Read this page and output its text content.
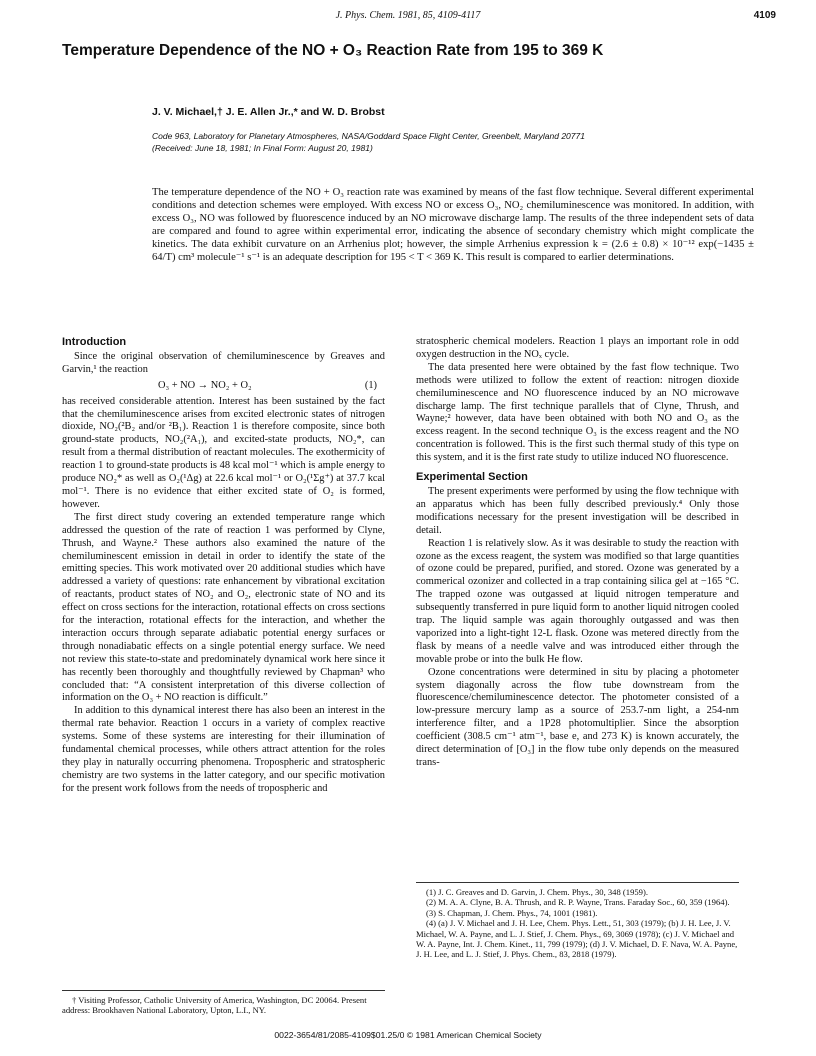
J. Phys. Chem. 1981, 85, 4109-4117	4109
Temperature Dependence of the NO + O₃ Reaction Rate from 195 to 369 K
J. V. Michael,† J. E. Allen Jr.,* and W. D. Brobst
Code 963, Laboratory for Planetary Atmospheres, NASA/Goddard Space Flight Center, Greenbelt, Maryland 20771
(Received: June 18, 1981; In Final Form: August 20, 1981)
The temperature dependence of the NO + O₃ reaction rate was examined by means of the fast flow technique. Several different experimental conditions and detection schemes were employed. With excess NO or excess O₃, NO₂ chemiluminescence was monitored. In addition, with excess O₃, NO was followed by fluorescence induced by an NO microwave discharge lamp. The results of the three independent sets of data are compared and found to agree within experimental error, indicating the absence of secondary chemistry which might complicate the kinetics. The data exhibit curvature on an Arrhenius plot; however, the simple Arrhenius expression k = (2.6 ± 0.8) × 10⁻¹² exp(−1435 ± 64/T) cm³ molecule⁻¹ s⁻¹ is an adequate description for 195 < T < 369 K. This result is compared to earlier determinations.
Introduction

Since the original observation of chemiluminescence by Greaves and Garvin,¹ the reaction

O₃ + NO → NO₂ + O₂	(1)

has received considerable attention. Interest has been sustained by the fact that the chemiluminescence arises from excited electronic states of nitrogen dioxide, NO₂(²B₂ and/or ²B₁). Reaction 1 is therefore composite, since both ground-state products, NO₂(²A₁), and excited-state products, NO₂*, can result from a thermal distribution of reactant molecules. The exothermicity of reaction 1 to ground-state products is 48 kcal mol⁻¹ which is ample energy to produce NO₂* as well as O₂(¹Δg) at 22.6 kcal mol⁻¹ or O₂(¹Σg⁺) at 37.7 kcal mol⁻¹. There is no evidence that either excited state of O₂ is formed, however.

The first direct study covering an extended temperature range which addressed the question of the rate of reaction 1 was performed by Clyne, Thrush, and Wayne.² These authors also examined the nature of the chemiluminescent emission in detail in order to identify the state of the emitting species. This work motivated over 20 additional studies which have addressed a variety of questions: rate enhancement by vibrational excitation of reactants, product states of NO₂ and O₂, electronic state of NO and its effect on cross sections for the interaction, rotational effects on cross sections for the interaction, rotational effects for the interaction, and whether the interaction occurs through separate adiabatic potential energy surfaces or through nonadiabatic effects on a single potential energy surface. We need not review this state-to-state and predominately dynamical work here since it has recently been thoroughly and thoughtfully reviewed by Chapman³ who concluded that: “A consistent interpretation of this diverse collection of information on the O₃ + NO reaction is difficult.”

In addition to this dynamical interest there has also been an interest in the thermal rate behavior. Reaction 1 occurs in a variety of complex reactive systems. Some of these systems are interesting for their illumination of fundamental chemical processes, while others attract attention for the roles they play in naturally occurring phenomena. Tropospheric and stratospheric chemistry are two systems in the latter category, and our specific motivation for the present work follows from the needs of tropospheric and

stratospheric chemical modelers. Reaction 1 plays an important role in odd oxygen destruction in the NOₓ cycle.

The data presented here were obtained by the fast flow technique. Two methods were utilized to follow the extent of reaction: nitrogen dioxide chemiluminescence and NO fluorescence induced by an NO microwave discharge lamp. The first technique parallels that of Clyne, Thrush, and Wayne;² however, data have been obtained with both NO and O₃ as the excess reagent. In the second technique O₃ is the excess reagent and the NO concentration is followed. This is the first such thermal study of this type on this system, and it is the first rate study to utilize induced NO fluorescence.

Experimental Section

The present experiments were performed by using the flow technique with an apparatus which has been fully described previously.⁴ Only those modifications necessary for the present investigation will be described in detail.

Reaction 1 is relatively slow. As it was desirable to study the reaction with ozone as the excess reagent, the system was modified so that large quantities of ozone could be prepared, purified, and stored. Ozone was generated by a commerical ozonizer and collected in a trap containing silica gel at −165 °C. The trapped ozone was outgassed at liquid nitrogen temperature and subsequently transferred in pure liquid form to another liquid nitrogen cooled trap. The liquid sample was again thoroughly outgassed and was then vaporized into a light-tight 12-L flask. Ozone was metered directly from the flask by means of a needle valve and was introduced either through the movable probe or into the bulk He flow.

Ozone concentrations were determined in situ by placing a photometer system diagonally across the flow tube downstream from the fluorescence/chemiluminescence detector. The photometer consisted of a low-pressure mercury lamp as a source of 253.7-nm light, a 254-nm interference filter, and a 1P28 photomultiplier. Since the absorption coefficient (308.5 cm⁻¹ atm⁻¹, base e, and 273 K) is known accurately, the direct determination of [O₃] in the flow tube only depends on the measured trans-

(1) J. C. Greaves and D. Garvin, J. Chem. Phys., 30, 348 (1959).
(2) M. A. A. Clyne, B. A. Thrush, and R. P. Wayne, Trans. Faraday Soc., 60, 359 (1964).
(3) S. Chapman, J. Chem. Phys., 74, 1001 (1981).
(4) (a) J. V. Michael and J. H. Lee, Chem. Phys. Lett., 51, 303 (1979); (b) J. H. Lee, J. V. Michael, W. A. Payne, and L. J. Stief, J. Chem. Phys., 69, 3069 (1978); (c) J. V. Michael and W. A. Payne, Int. J. Chem. Kinet., 11, 799 (1979); (d) J. V. Michael, D. F. Nava, W. A. Payne, J. H. Lee, and L. J. Stief, J. Phys. Chem., 83, 2818 (1979).
† Visiting Professor, Catholic University of America, Washington, DC 20064. Present address: Brookhaven National Laboratory, Upton, L.I., NY.
0022-3654/81/2085-4109$01.25/0 © 1981 American Chemical Society
